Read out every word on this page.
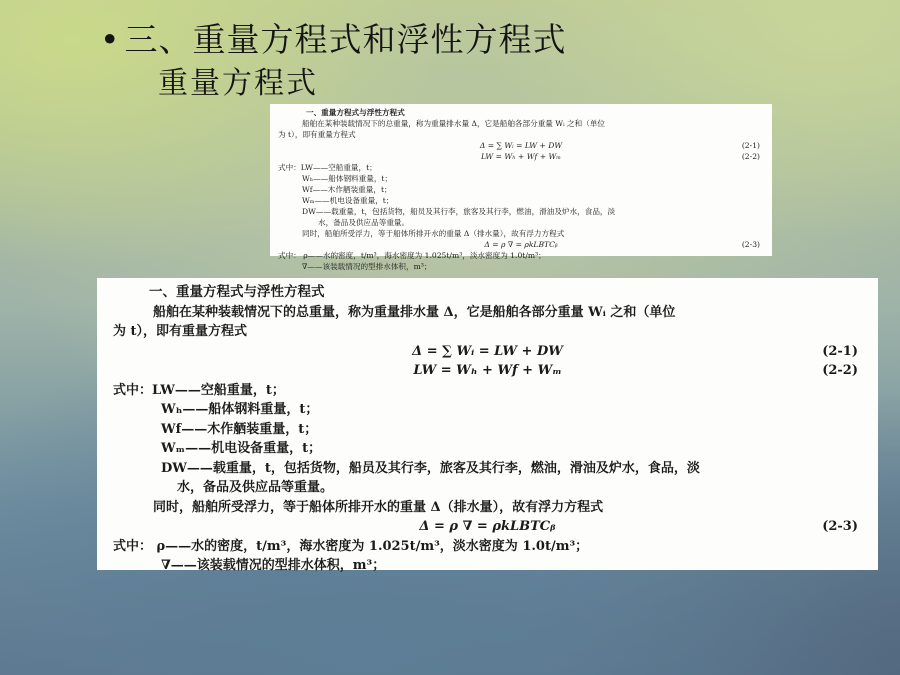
• 三、重量方程式和浮性方程式
重量方程式
一、重量方程式与浮性方程式
船舶在某种装载情况下的总重量，称为重量排水量 Δ，它是船舶各部分重量 Wᵢ 之和（单位
为 t），即有重量方程式
Δ = ∑ Wᵢ = LW + DW	(2-1)
LW = Wₕ + Wf + Wₘ	(2-2)
式中：LW——空船重量，t；
Wₕ——船体钢料重量，t；
Wf——木作舾装重量，t；
Wₘ——机电设备重量，t；
DW——载重量，t，包括货物，船员及其行李，旅客及其行李，燃油，滑油及炉水，食品，淡
水，备品及供应品等重量。
同时，船舶所受浮力，等于船体所排开水的重量 Δ（排水量），故有浮力方程式
Δ = ρ ∇ = ρkLBTCᵦ	(2-3)
式中： ρ——水的密度，t/m³，海水密度为 1.025t/m³，淡水密度为 1.0t/m³；
∇——该装载情况的型排水体积，m³；
一、重量方程式与浮性方程式
船舶在某种装载情况下的总重量，称为重量排水量 Δ，它是船舶各部分重量 Wᵢ 之和（单位
为 t），即有重量方程式
Δ = ∑ Wᵢ = LW + DW	(2-1)
LW = Wₕ + Wf + Wₘ	(2-2)
式中：LW——空船重量，t；
Wₕ——船体钢料重量，t；
Wf——木作舾装重量，t；
Wₘ——机电设备重量，t；
DW——载重量，t，包括货物，船员及其行李，旅客及其行李，燃油，滑油及炉水，食品，淡
水，备品及供应品等重量。
同时，船舶所受浮力，等于船体所排开水的重量 Δ（排水量），故有浮力方程式
Δ = ρ ∇ = ρkLBTCᵦ	(2-3)
式中： ρ——水的密度，t/m³，海水密度为 1.025t/m³，淡水密度为 1.0t/m³；
∇——该装载情况的型排水体积，m³；
